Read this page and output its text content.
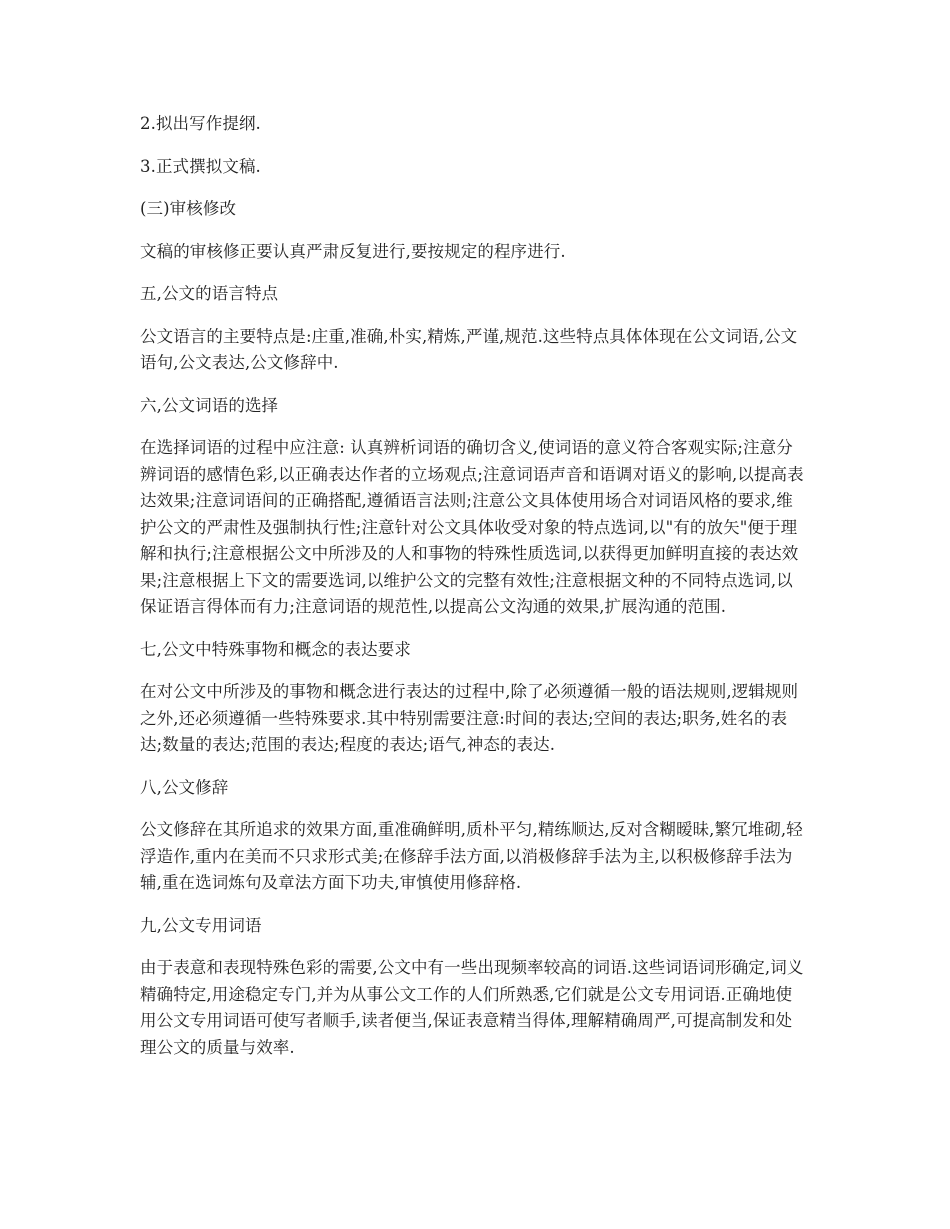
2.拟出写作提纲.

3.正式撰拟文稿.

(三)审核修改

文稿的审核修正要认真严肃反复进行,要按规定的程序进行.

五,公文的语言特点

公文语言的主要特点是:庄重,准确,朴实,精炼,严谨,规范.这些特点具体体现在公文词语,公文语句,公文表达,公文修辞中.

六,公文词语的选择

在选择词语的过程中应注意: 认真辨析词语的确切含义,使词语的意义符合客观实际;注意分辨词语的感情色彩,以正确表达作者的立场观点;注意词语声音和语调对语义的影响,以提高表达效果;注意词语间的正确搭配,遵循语言法则;注意公文具体使用场合对词语风格的要求,维护公文的严肃性及强制执行性;注意针对公文具体收受对象的特点选词,以"有的放矢"便于理解和执行;注意根据公文中所涉及的人和事物的特殊性质选词,以获得更加鲜明直接的表达效果;注意根据上下文的需要选词,以维护公文的完整有效性;注意根据文种的不同特点选词,以保证语言得体而有力;注意词语的规范性,以提高公文沟通的效果,扩展沟通的范围.

七,公文中特殊事物和概念的表达要求

在对公文中所涉及的事物和概念进行表达的过程中,除了必须遵循一般的语法规则,逻辑规则之外,还必须遵循一些特殊要求.其中特别需要注意:时间的表达;空间的表达;职务,姓名的表达;数量的表达;范围的表达;程度的表达;语气,神态的表达.

八,公文修辞

公文修辞在其所追求的效果方面,重准确鲜明,质朴平匀,精练顺达,反对含糊暧昧,繁冗堆砌,轻浮造作,重内在美而不只求形式美;在修辞手法方面,以消极修辞手法为主,以积极修辞手法为辅,重在选词炼句及章法方面下功夫,审慎使用修辞格.

九,公文专用词语

由于表意和表现特殊色彩的需要,公文中有一些出现频率较高的词语.这些词语词形确定,词义精确特定,用途稳定专门,并为从事公文工作的人们所熟悉,它们就是公文专用词语.正确地使用公文专用词语可使写者顺手,读者便当,保证表意精当得体,理解精确周严,可提高制发和处理公文的质量与效率.
